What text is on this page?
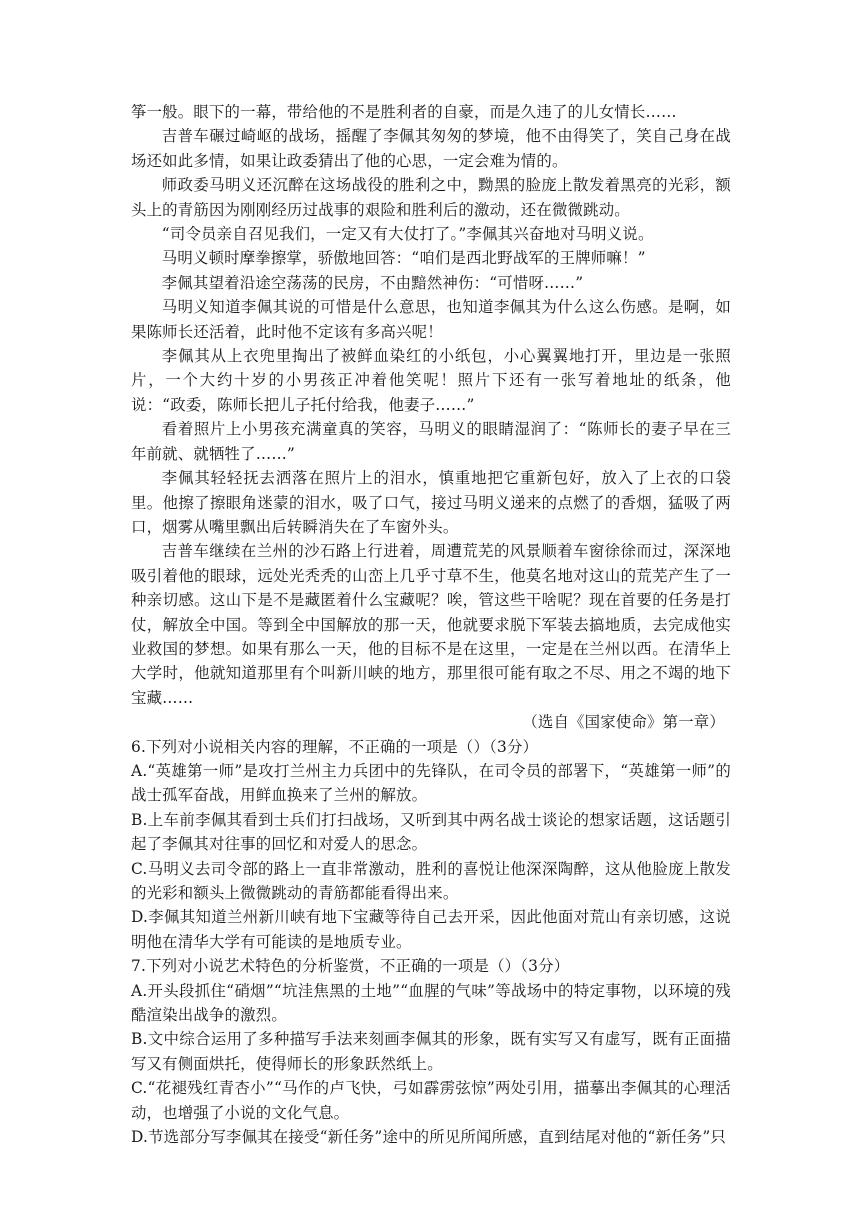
筝一般。眼下的一幕，带给他的不是胜利者的自豪，而是久违了的儿女情长……

吉普车碾过崎岖的战场，摇醒了李佩其匆匆的梦境，他不由得笑了，笑自己身在战场还如此多情，如果让政委猜出了他的心思，一定会难为情的。

师政委马明义还沉醉在这场战役的胜利之中，黝黑的脸庞上散发着黑亮的光彩，额头上的青筋因为刚刚经历过战事的艰险和胜利后的激动，还在微微跳动。

“司令员亲自召见我们，一定又有大仗打了。”李佩其兴奋地对马明义说。

马明义顿时摩拳擦掌，骄傲地回答：“咱们是西北野战军的王牌师嘛！”

李佩其望着沿途空荡荡的民房，不由黯然神伤：“可惜呀……”

马明义知道李佩其说的可惜是什么意思，也知道李佩其为什么这么伤感。是啊，如果陈师长还活着，此时他不定该有多高兴呢！

李佩其从上衣兜里掏出了被鲜血染红的小纸包，小心翼翼地打开，里边是一张照片，一个大约十岁的小男孩正冲着他笑呢！照片下还有一张写着地址的纸条，他说：“政委，陈师长把儿子托付给我，他妻子……”

看着照片上小男孩充满童真的笑容，马明义的眼睛湿润了：“陈师长的妻子早在三年前就、就牺牲了……”

李佩其轻轻抚去洒落在照片上的泪水，慎重地把它重新包好，放入了上衣的口袋里。他擦了擦眼角迷蒙的泪水，吸了口气，接过马明义递来的点燃了的香烟，猛吸了两口，烟雾从嘴里飘出后转瞬消失在了车窗外头。

吉普车继续在兰州的沙石路上行进着，周遭荒芜的风景顺着车窗徐徐而过，深深地吸引着他的眼球，远处光秃秃的山峦上几乎寸草不生，他莫名地对这山的荒芜产生了一种亲切感。这山下是不是藏匿着什么宝藏呢？唉，管这些干啥呢？现在首要的任务是打仗，解放全中国。等到全中国解放的那一天，他就要求脱下军装去搞地质，去完成他实业救国的梦想。如果有那么一天，他的目标不是在这里，一定是在兰州以西。在清华上大学时，他就知道那里有个叫新川峡的地方，那里很可能有取之不尽、用之不竭的地下宝藏……

（选自《国家使命》第一章）

6.下列对小说相关内容的理解，不正确的一项是（）（3分）

A.“英雄第一师”是攻打兰州主力兵团中的先锋队，在司令员的部署下，“英雄第一师”的战士孤军奋战，用鲜血换来了兰州的解放。

B.上车前李佩其看到士兵们打扫战场，又听到其中两名战士谈论的想家话题，这话题引起了李佩其对往事的回忆和对爱人的思念。

C.马明义去司令部的路上一直非常激动，胜利的喜悦让他深深陶醉，这从他脸庞上散发的光彩和额头上微微跳动的青筋都能看得出来。

D.李佩其知道兰州新川峡有地下宝藏等待自己去开采，因此他面对荒山有亲切感，这说明他在清华大学有可能读的是地质专业。

7.下列对小说艺术特色的分析鉴赏，不正确的一项是（）（3分）

A.开头段抓住“硝烟”“坑洼焦黑的土地”“血腥的气味”等战场中的特定事物，以环境的残酷渲染出战争的激烈。

B.文中综合运用了多种描写手法来刻画李佩其的形象，既有实写又有虚写，既有正面描写又有侧面烘托，使得师长的形象跃然纸上。

C.“花褪残红青杏小”“马作的卢飞快，弓如霹雳弦惊”两处引用，描摹出李佩其的心理活动，也增强了小说的文化气息。

D.节选部分写李佩其在接受“新任务”途中的所见所闻所感，直到结尾对他的“新任务”只
